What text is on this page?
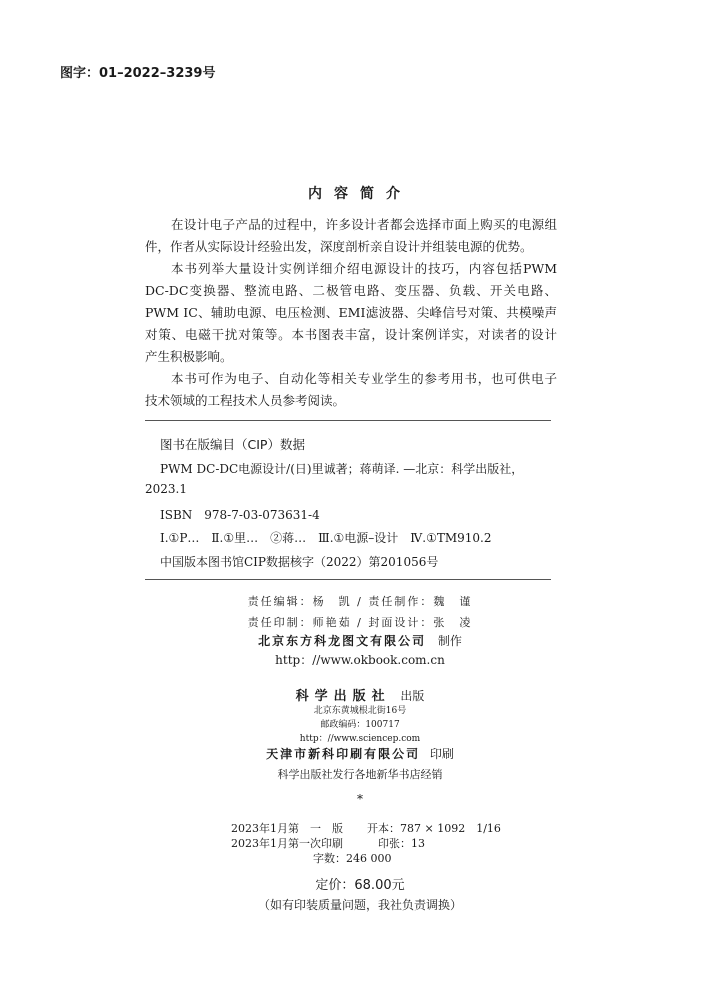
图字：01–2022–3239号
内容简介
在设计电子产品的过程中，许多设计者都会选择市面上购买的电源组
件，作者从实际设计经验出发，深度剖析亲自设计并组装电源的优势。
本书列举大量设计实例详细介绍电源设计的技巧，内容包括PWM
DC-DC变换器、整流电路、二极管电路、变压器、负载、开关电路、
PWM IC、辅助电源、电压检测、EMI滤波器、尖峰信号对策、共模噪声
对策、电磁干扰对策等。本书图表丰富，设计案例详实，对读者的设计
产生积极影响。
本书可作为电子、自动化等相关专业学生的参考用书，也可供电子
技术领域的工程技术人员参考阅读。
图书在版编目（CIP）数据
PWM DC-DC电源设计/(日)里诚著；蒋萌译. —北京：科学出版社，
2023.1
ISBN　978-7-03-073631-4
Ⅰ.①P…　Ⅱ.①里…　②蒋…　Ⅲ.①电源–设计　Ⅳ.①TM910.2
中国版本图书馆CIP数据核字（2022）第201056号
责任编辑：杨　凯 / 责任制作：魏　谨
责任印制：师艳茹 / 封面设计：张　凌
北京东方科龙图文有限公司 制作
http：//www.okbook.com.cn
科学出版社 出版
北京东黄城根北街16号
邮政编码：100717
http：//www.sciencep.com
天津市新科印刷有限公司 印刷
科学出版社发行各地新华书店经销
*
2023年1月第　一　版 开本：787 × 1092　1/16
2023年1月第一次印刷	印张：13
字数：246 000
定价：68.00元
（如有印装质量问题，我社负责调换）
